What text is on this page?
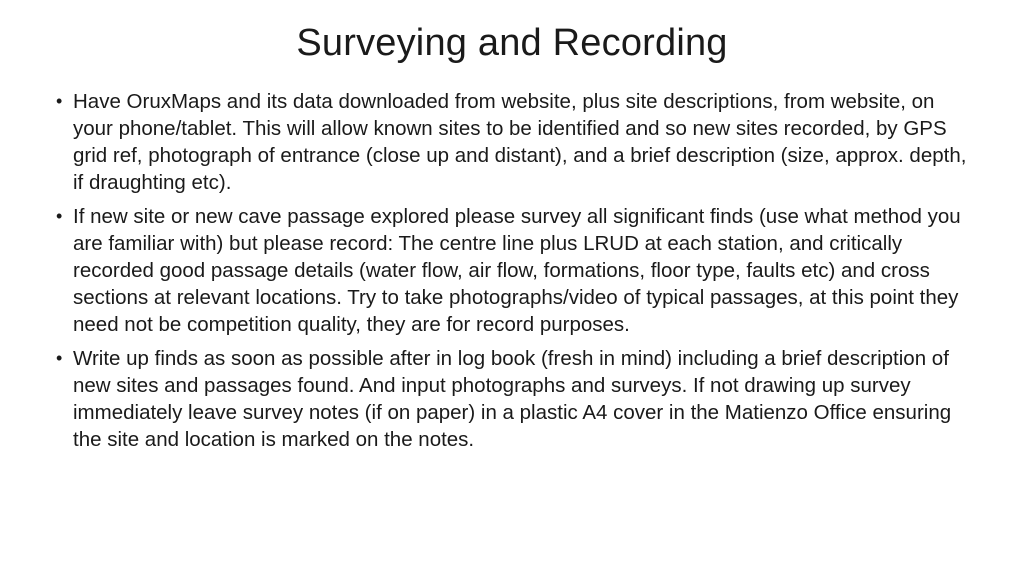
Surveying and Recording
• Have OruxMaps and its data downloaded from website, plus site descriptions, from website, on your phone/tablet. This will allow known sites to be identified and so new sites recorded, by GPS grid ref, photograph of entrance (close up and distant), and a brief description (size, approx. depth, if draughting etc).
• If new site or new cave passage explored please survey all significant finds (use what method you are familiar with) but please record: The centre line plus LRUD at each station, and critically recorded good passage details (water flow, air flow, formations, floor type, faults etc) and cross sections at relevant locations. Try to take photographs/video of typical passages, at this point they need not be competition quality, they are for record purposes.
• Write up finds as soon as possible after in log book (fresh in mind) including a brief description of new sites and passages found. And input photographs and surveys. If not drawing up survey immediately leave survey notes (if on paper) in a plastic A4 cover in the Matienzo Office ensuring the site and location is marked on the notes.
